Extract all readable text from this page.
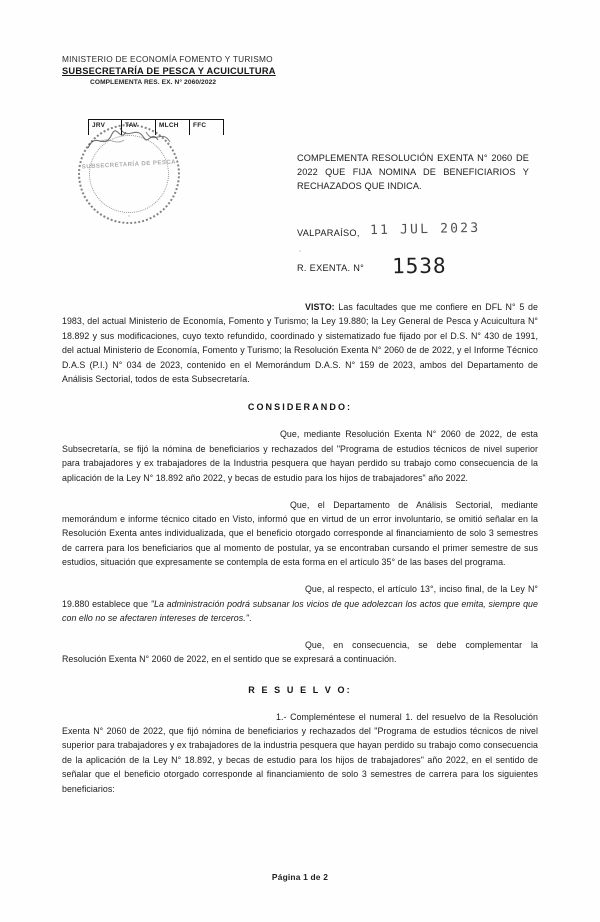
MINISTERIO DE ECONOMÍA FOMENTO Y TURISMO
SUBSECRETARÍA DE PESCA Y ACUICULTURA
COMPLEMENTA RES. EX. N° 2060/2022
JRV	TAV	MLCH	FFC
SUBSECRETARÍA DE PESCA
COMPLEMENTA RESOLUCIÓN EXENTA N° 2060 DE 2022 QUE FIJA NOMINA DE BENEFICIARIOS Y RECHAZADOS QUE INDICA.
VALPARAÍSO, 11 JUL 2023
R. EXENTA. N° 1538

VISTO: Las facultades que me confiere en DFL N° 5 de 1983, del actual Ministerio de Economía, Fomento y Turismo; la Ley 19.880; la Ley General de Pesca y Acuicultura N° 18.892 y sus modificaciones, cuyo texto refundido, coordinado y sistematizado fue fijado por el D.S. N° 430 de 1991, del actual Ministerio de Economía, Fomento y Turismo; la Resolución Exenta N° 2060 de de 2022, y el Informe Técnico D.A.S (P.I.) N° 034 de 2023, contenido en el Memorándum D.A.S. N° 159 de 2023, ambos del Departamento de Análisis Sectorial, todos de esta Subsecretaría.

CONSIDERANDO:

Que, mediante Resolución Exenta N° 2060 de 2022, de esta Subsecretaría, se fijó la nómina de beneficiarios y rechazados del "Programa de estudios técnicos de nivel superior para trabajadores y ex trabajadores de la Industria pesquera que hayan perdido su trabajo como consecuencia de la aplicación de la Ley N° 18.892 año 2022, y becas de estudio para los hijos de trabajadores" año 2022.

Que, el Departamento de Análisis Sectorial, mediante memorándum e informe técnico citado en Visto, informó que en virtud de un error involuntario, se omitió señalar en la Resolución Exenta antes individualizada, que el beneficio otorgado corresponde al financiamiento de solo 3 semestres de carrera para los beneficiarios que al momento de postular, ya se encontraban cursando el primer semestre de sus estudios, situación que expresamente se contempla de esta forma en el artículo 35° de las bases del programa.

Que, al respecto, el artículo 13°, inciso final, de la Ley N° 19.880 establece que "La administración podrá subsanar los vicios de que adolezcan los actos que emita, siempre que con ello no se afectaren intereses de terceros.".

Que, en consecuencia, se debe complementar la Resolución Exenta N° 2060 de 2022, en el sentido que se expresará a continuación.

R E S U E L V O:

1.- Compleméntese el numeral 1. del resuelvo de la Resolución Exenta N° 2060 de 2022, que fijó nómina de beneficiarios y rechazados del "Programa de estudios técnicos de nivel superior para trabajadores y ex trabajadores de la industria pesquera que hayan perdido su trabajo como consecuencia de la aplicación de la Ley N° 18.892, y becas de estudio para los hijos de trabajadores" año 2022, en el sentido de señalar que el beneficio otorgado corresponde al financiamiento de solo 3 semestres de carrera para los siguientes beneficiarios:

Página 1 de 2
